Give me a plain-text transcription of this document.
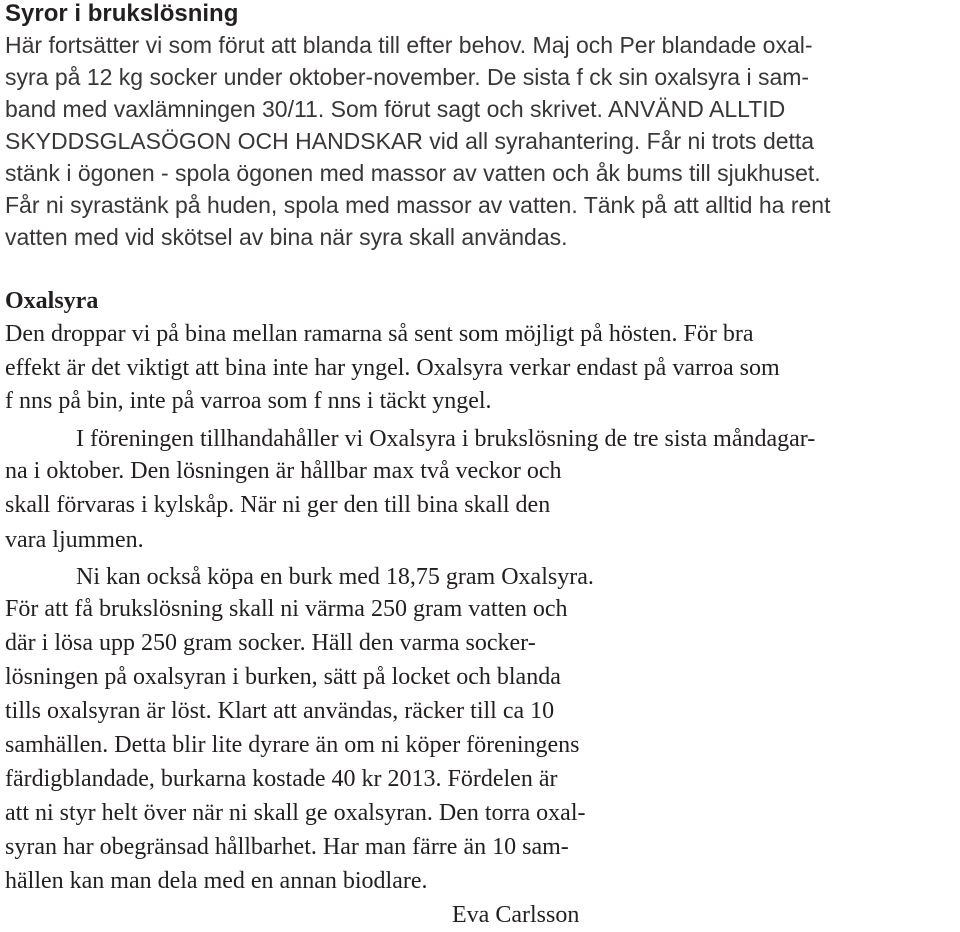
Syror i brukslösning

Här fortsätter vi som förut att blanda till efter behov. Maj och Per blandade oxal-

syra på 12 kg socker under oktober-november. De sista f ck sin oxalsyra i sam-

band med vaxlämningen 30/11. Som förut sagt och skrivet. ANVÄND ALLTID

SKYDDSGLASÖGON OCH HANDSKAR vid all syrahantering. Får ni trots detta

stänk i ögonen - spola ögonen med massor av vatten och åk bums till sjukhuset.

Får ni syrastänk på huden, spola med massor av vatten. Tänk på att alltid ha rent

vatten med vid skötsel av bina när syra skall användas.

Oxalsyra

Den droppar vi på bina mellan ramarna så sent som möjligt på hösten. För bra

effekt är det viktigt att bina inte har yngel. Oxalsyra verkar endast på varroa som

f nns på bin, inte på varroa som f nns i täckt yngel.

I föreningen tillhandahåller vi Oxalsyra i brukslösning de tre sista måndagar-

na i oktober. Den lösningen är hållbar max två veckor och

skall förvaras i kylskåp. När ni ger den till bina skall den

vara ljummen.

Ni kan också köpa en burk med 18,75 gram Oxalsyra.

För att få brukslösning skall ni värma 250 gram vatten och

där i lösa upp 250 gram socker. Häll den varma socker-

lösningen på oxalsyran i burken, sätt på locket och blanda

tills oxalsyran är löst. Klart att användas, räcker till ca 10

samhällen. Detta blir lite dyrare än om ni köper föreningens

färdigblandade, burkarna kostade 40 kr 2013. Fördelen är

att ni styr helt över när ni skall ge oxalsyran. Den torra oxal-

syran har obegränsad hållbarhet. Har man färre än 10 sam-

hällen kan man dela med en annan biodlare.

Eva Carlsson
